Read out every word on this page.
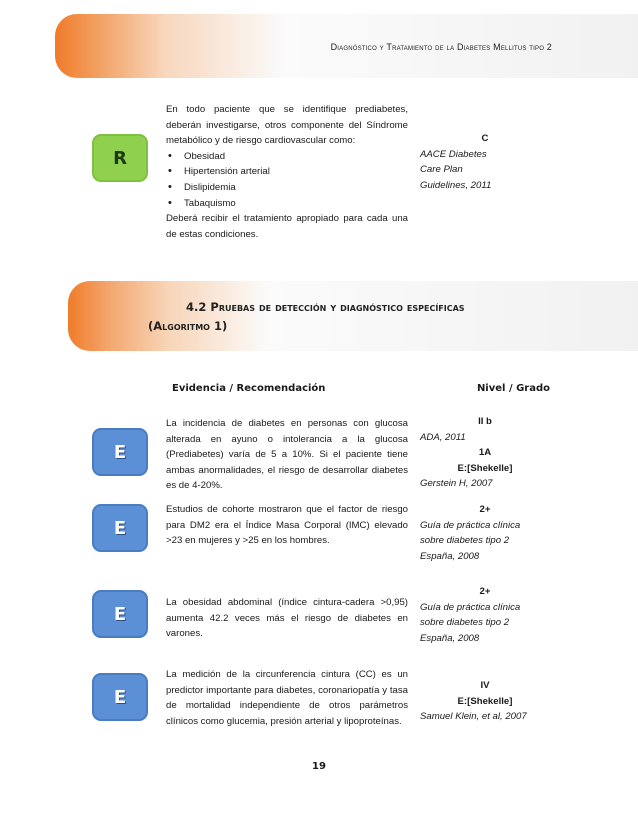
Diagnóstico y Tratamiento de la Diabetes Mellitus tipo 2
R

En todo paciente que se identifique prediabetes, deberán investigarse, otros componente del Síndrome metabólico y de riesgo cardiovascular como:

• Obesidad
• Hipertensión arterial
• Dislipidemia
• Tabaquismo

Deberá recibir el tratamiento apropiado para cada una de estas condiciones.

C
AACE Diabetes Care Plan Guidelines, 2011
4.2 Pruebas de detección y diagnóstico específicas
(Algoritmo 1)
Evidencia / Recomendación	Nivel / Grado
E
La incidencia de diabetes en personas con glucosa alterada en ayuno o intolerancia a la glucosa (Prediabetes) varía de 5 a 10%. Si el paciente tiene ambas anormalidades, el riesgo de desarrollar diabetes es de 4-20%.
II b
ADA, 2011
1A
E:[Shekelle]
Gerstein H, 2007
E
Estudios de cohorte mostraron que el factor de riesgo para DM2 era el Índice Masa Corporal (IMC) elevado >23 en mujeres y >25 en los hombres.
2+
Guía de práctica clínica sobre diabetes tipo 2 España, 2008
E
La obesidad abdominal (índice cintura-cadera >0,95) aumenta 42.2 veces más el riesgo de diabetes en varones.
2+
Guía de práctica clínica sobre diabetes tipo 2 España, 2008
E
La medición de la circunferencia cintura (CC) es un predictor importante para diabetes, coronariopatía y tasa de mortalidad independiente de otros parámetros clínicos como glucemia, presión arterial y lipoproteínas.
IV
E:[Shekelle]
Samuel Klein, et al, 2007
19
